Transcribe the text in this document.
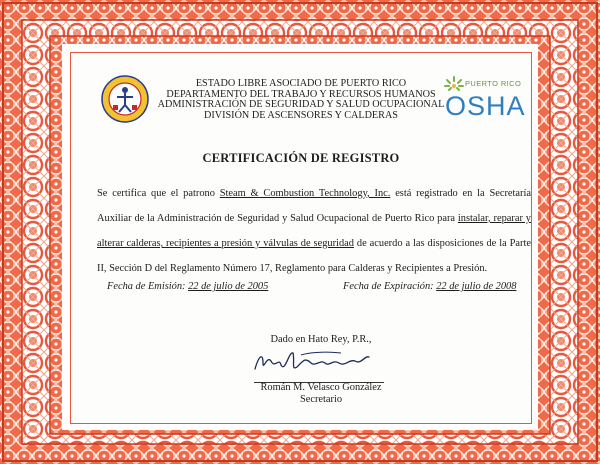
ESTADO LIBRE ASOCIADO DE PUERTO RICO
DEPARTAMENTO DEL TRABAJO Y RECURSOS HUMANOS
ADMINISTRACIÓN DE SEGURIDAD Y SALUD OCUPACIONAL
DIVISIÓN DE ASCENSORES Y CALDERAS
PUERTO RICO
OSHA
CERTIFICACIÓN DE REGISTRO
Se certifica que el patrono Steam & Combustion Technology, Inc. está registrado en la Secretaría Auxiliar de la Administración de Seguridad y Salud Ocupacional de Puerto Rico para instalar, reparar y alterar calderas, recipientes a presión y válvulas de seguridad de acuerdo a las disposiciones de la Parte II, Sección D del Reglamento Número 17, Reglamento para Calderas y Recipientes a Presión.
Fecha de Emisión: 22 de julio de 2005	Fecha de Expiración: 22 de julio de 2008
Dado en Hato Rey, P.R.,
Román M. Velasco González
Secretario
